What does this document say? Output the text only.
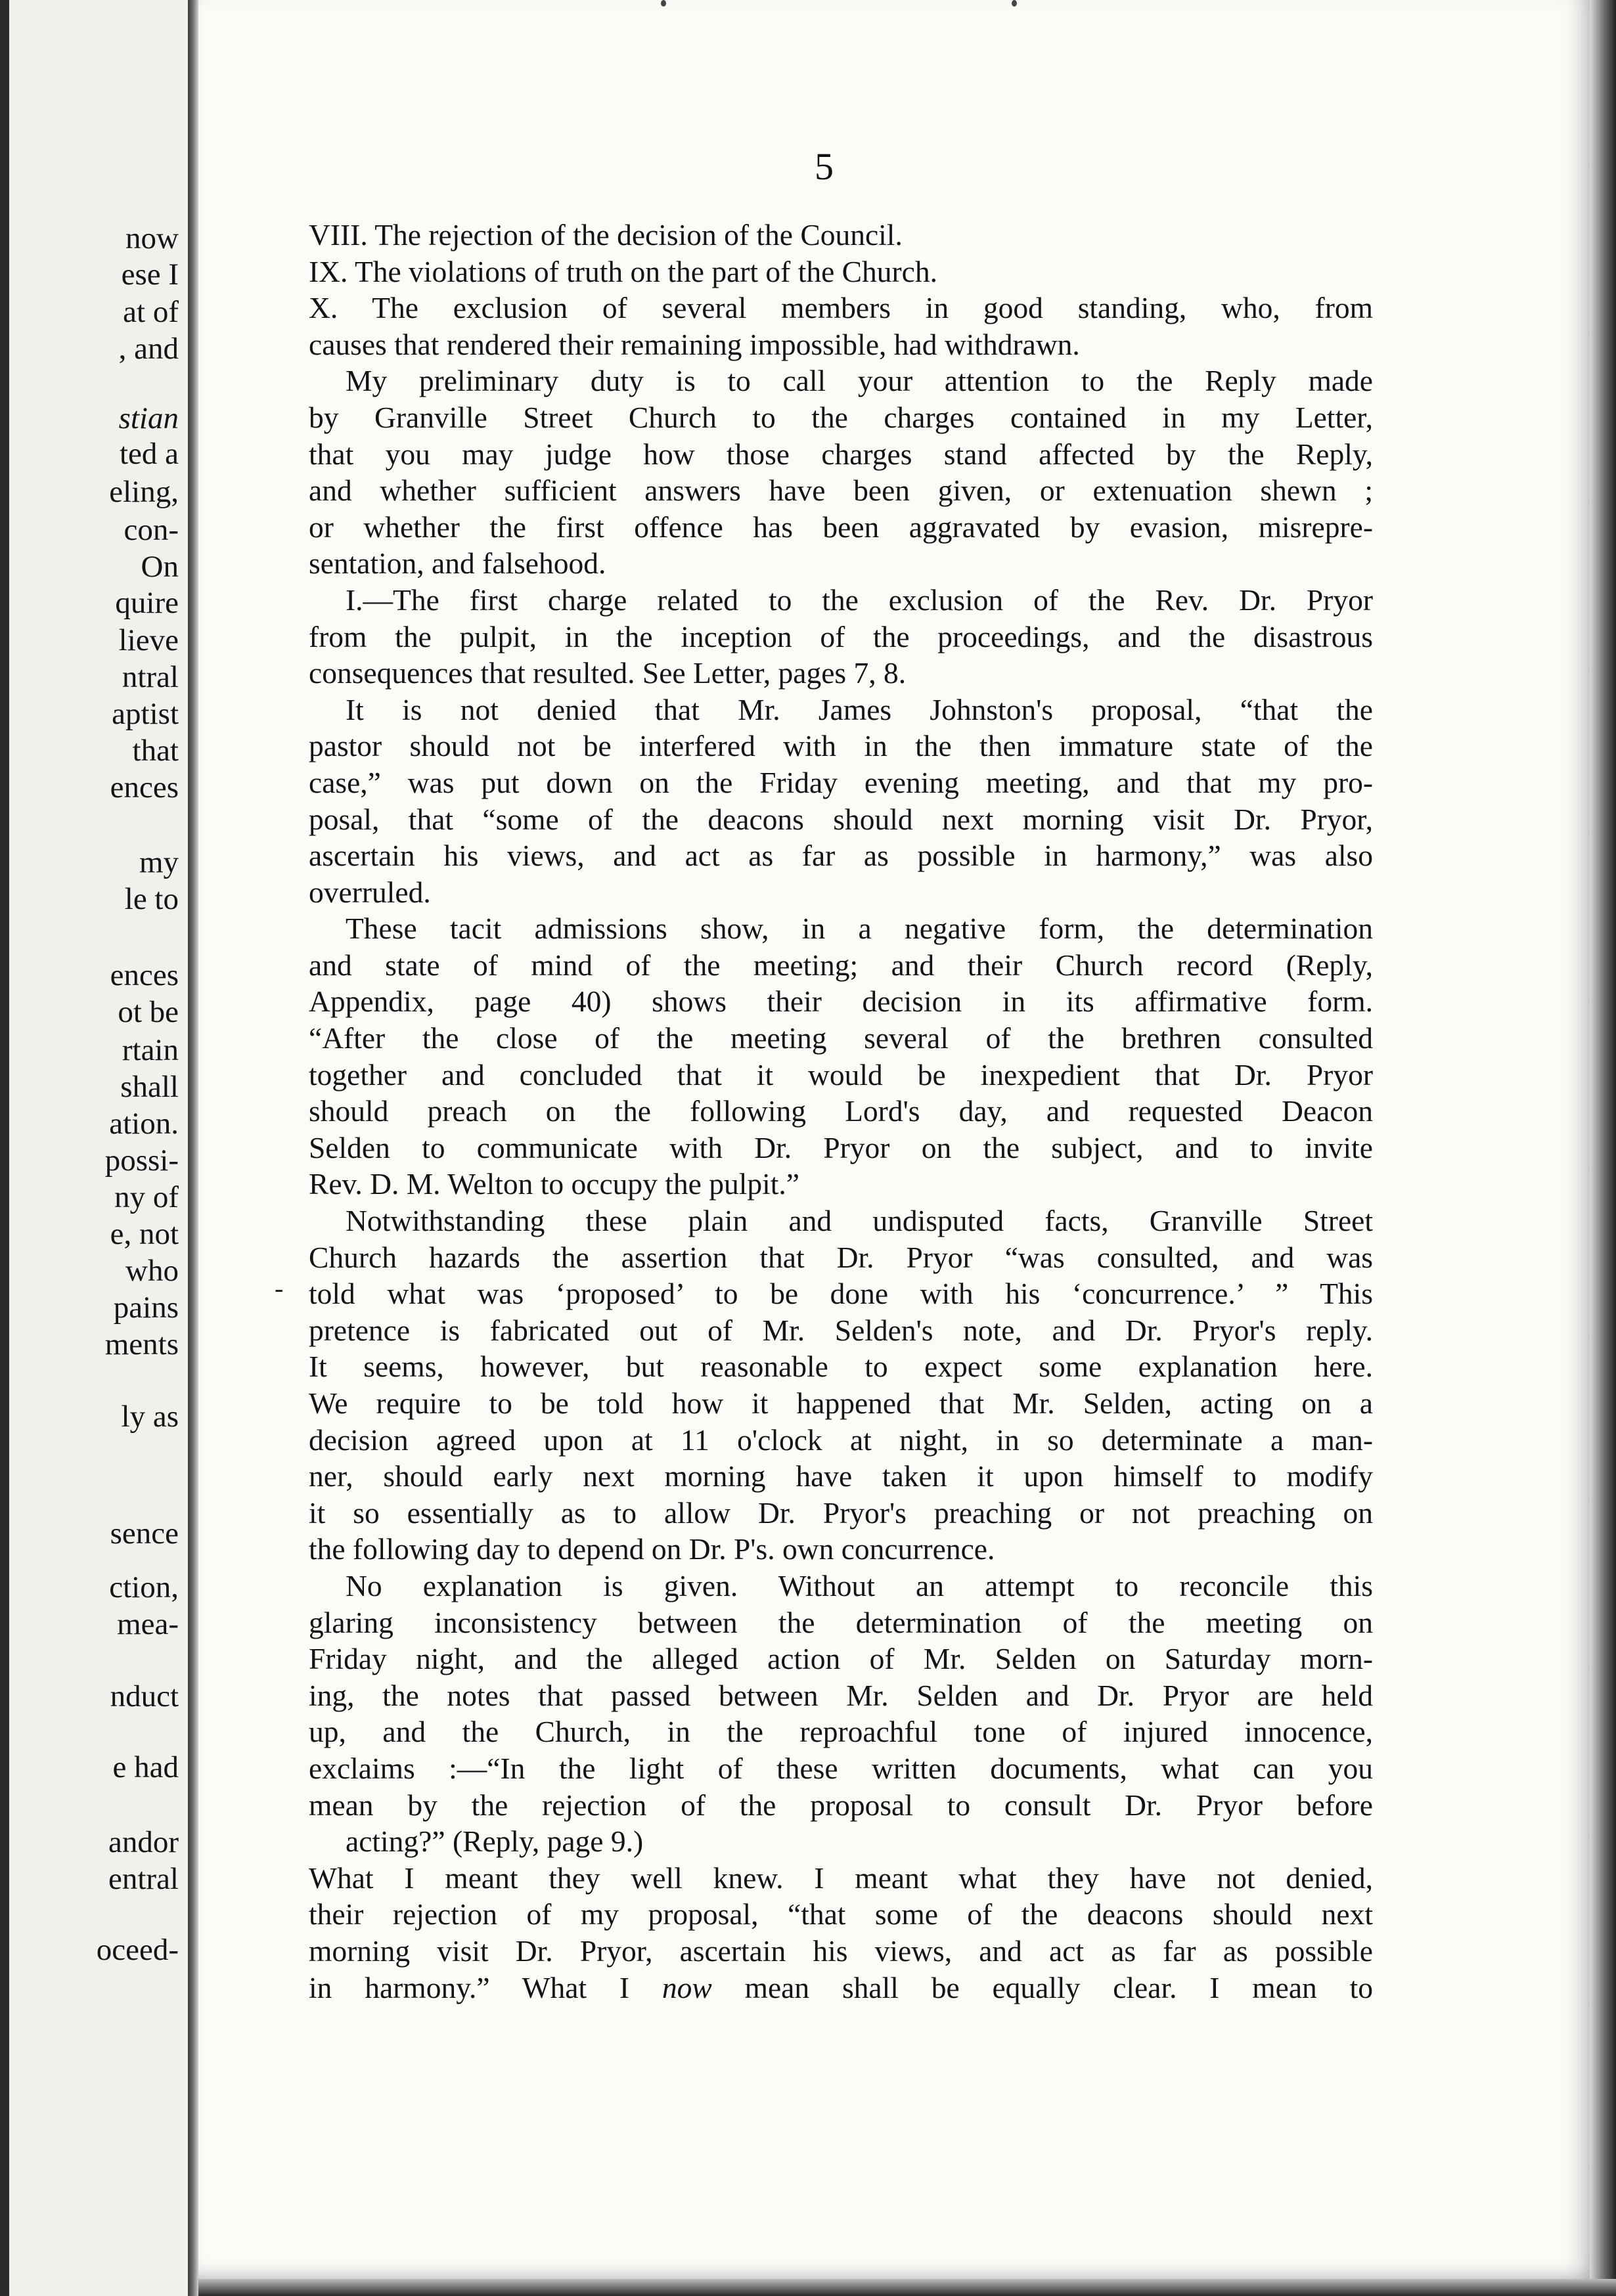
now
ese I
at of
, and
stian
ted a
eling,
con-
On
quire
lieve
ntral
aptist
that
ences
my
le to
ences
ot be
rtain
shall
ation.
possi-
ny of
e, not
who
pains
ments
ly as
sence
ction,
mea-
nduct
e had
andor
entral
oceed-
5
-
VIII. The rejection of the decision of the Council.
IX. The violations of truth on the part of the Church.
X. The exclusion of several members in good standing, who, from
causes that rendered their remaining impossible, had withdrawn.
My preliminary duty is to call your attention to the Reply made
by Granville Street Church to the charges contained in my Letter,
that you may judge how those charges stand affected by the Reply,
and whether sufficient answers have been given, or extenuation shewn ;
or whether the first offence has been aggravated by evasion, misrepre-
sentation, and falsehood.
I.—The first charge related to the exclusion of the Rev. Dr. Pryor
from the pulpit, in the inception of the proceedings, and the disastrous
consequences that resulted. See Letter, pages 7, 8.
It is not denied that Mr. James Johnston's proposal, “that the
pastor should not be interfered with in the then immature state of the
case,” was put down on the Friday evening meeting, and that my pro-
posal, that “some of the deacons should next morning visit Dr. Pryor,
ascertain his views, and act as far as possible in harmony,” was also
overruled.
These tacit admissions show, in a negative form, the determination
and state of mind of the meeting; and their Church record (Reply,
Appendix, page 40) shows their decision in its affirmative form.
“After the close of the meeting several of the brethren consulted
together and concluded that it would be inexpedient that Dr. Pryor
should preach on the following Lord's day, and requested Deacon
Selden to communicate with Dr. Pryor on the subject, and to invite
Rev. D. M. Welton to occupy the pulpit.”
Notwithstanding these plain and undisputed facts, Granville Street
Church hazards the assertion that Dr. Pryor “was consulted, and was
told what was ‘proposed’ to be done with his ‘concurrence.’ ” This
pretence is fabricated out of Mr. Selden's note, and Dr. Pryor's reply.
It seems, however, but reasonable to expect some explanation here.
We require to be told how it happened that Mr. Selden, acting on a
decision agreed upon at 11 o'clock at night, in so determinate a man-
ner, should early next morning have taken it upon himself to modify
it so essentially as to allow Dr. Pryor's preaching or not preaching on
the following day to depend on Dr. P's. own concurrence.
No explanation is given. Without an attempt to reconcile this
glaring inconsistency between the determination of the meeting on
Friday night, and the alleged action of Mr. Selden on Saturday morn-
ing, the notes that passed between Mr. Selden and Dr. Pryor are held
up, and the Church, in the reproachful tone of injured innocence,
exclaims :—“In the light of these written documents, what can you
mean by the rejection of the proposal to consult Dr. Pryor before
acting?” (Reply, page 9.)
What I meant they well knew. I meant what they have not denied,
their rejection of my proposal, “that some of the deacons should next
morning visit Dr. Pryor, ascertain his views, and act as far as possible
in harmony.” What I now mean shall be equally clear. I mean to
